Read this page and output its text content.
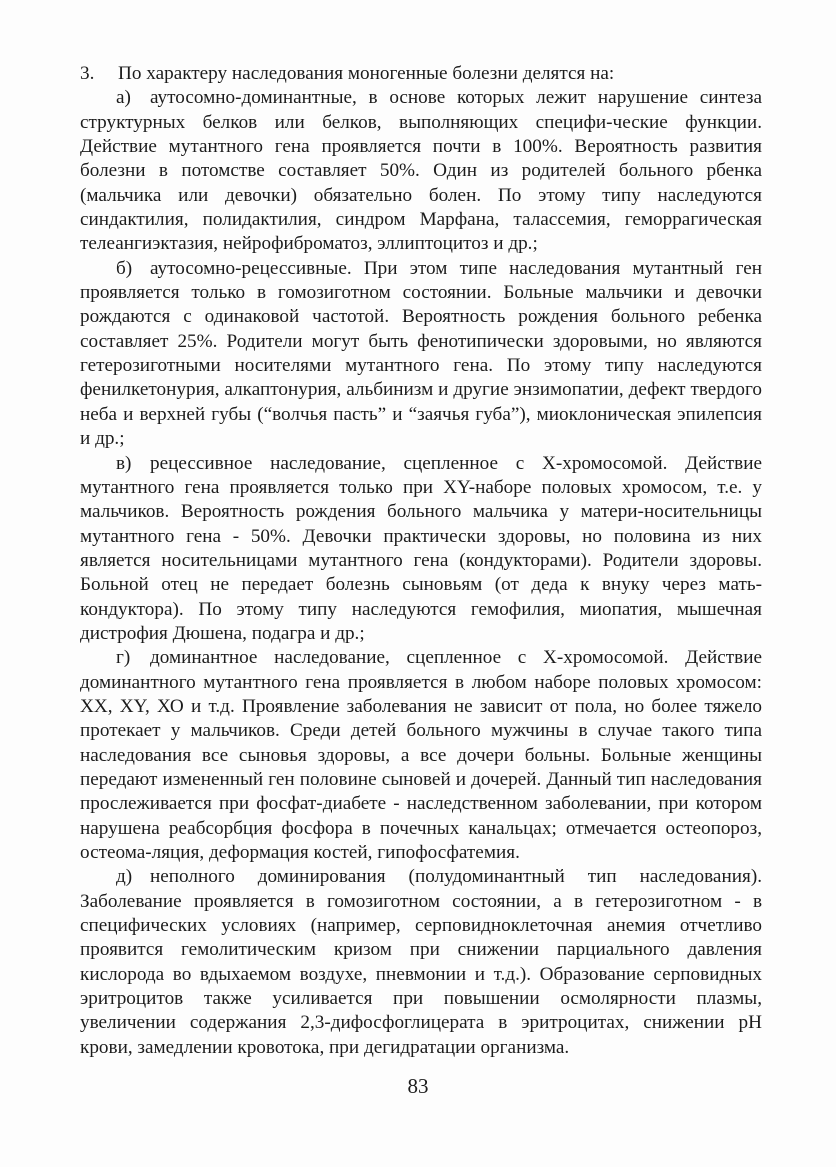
3. По характеру наследования моногенные болезни делятся на:

а) аутосомно-доминантные, в основе которых лежит нарушение синтеза структурных белков или белков, выполняющих специфи-ческие функции. Действие мутантного гена проявляется почти в 100%. Вероятность развития болезни в потомстве составляет 50%. Один из родителей больного рбенка (мальчика или девочки) обязательно болен. По этому типу наследуются синдактилия, полидактилия, синдром Марфана, талассемия, геморрагическая телеангиэктазия, нейрофиброматоз, эллиптоцитоз и др.;

б) аутосомно-рецессивные. При этом типе наследования мутантный ген проявляется только в гомозиготном состоянии. Больные мальчики и девочки рождаются с одинаковой частотой. Вероятность рождения больного ребенка составляет 25%. Родители могут быть фенотипически здоровыми, но являются гетерозиготными носителями мутантного гена. По этому типу наследуются фенилкетонурия, алкаптонурия, альбинизм и другие энзимопатии, дефект твердого неба и верхней губы (“волчья пасть” и “заячья губа”), миоклоническая эпилепсия и др.;

в) рецессивное наследование, сцепленное с Х-хромосомой. Действие мутантного гена проявляется только при ХY-наборе половых хромосом, т.е. у мальчиков. Вероятность рождения больного мальчика у матери-носительницы мутантного гена - 50%. Девочки практически здоровы, но половина из них является носительницами мутантного гена (кондукторами). Родители здоровы. Больной отец не передает болезнь сыновьям (от деда к внуку через мать-кондуктора). По этому типу наследуются гемофилия, миопатия, мышечная дистрофия Дюшена, подагра и др.;

г) доминантное наследование, сцепленное с Х-хромосомой. Действие доминантного мутантного гена проявляется в любом наборе половых хромосом: ХХ, ХY, ХО и т.д. Проявление заболевания не зависит от пола, но более тяжело протекает у мальчиков. Среди детей больного мужчины в случае такого типа наследования все сыновья здоровы, а все дочери больны. Больные женщины передают измененный ген половине сыновей и дочерей. Данный тип наследования прослеживается при фосфат-диабете - наследственном заболевании, при котором нарушена реабсорбция фосфора в почечных канальцах; отмечается остеопороз, остеома-ляция, деформация костей, гипофосфатемия.

д) неполного доминирования (полудоминантный тип наследования). Заболевание проявляется в гомозиготном состоянии, а в гетерозиготном - в специфических условиях (например, серповидноклеточная анемия отчетливо проявится гемолитическим кризом при снижении парциального давления кислорода во вдыхаемом воздухе, пневмонии и т.д.). Образование серповидных эритроцитов также усиливается при повышении осмолярности плазмы, увеличении содержания 2,3-дифосфоглицерата в эритроцитах, снижении рН крови, замедлении кровотока, при дегидратации организма.

83
